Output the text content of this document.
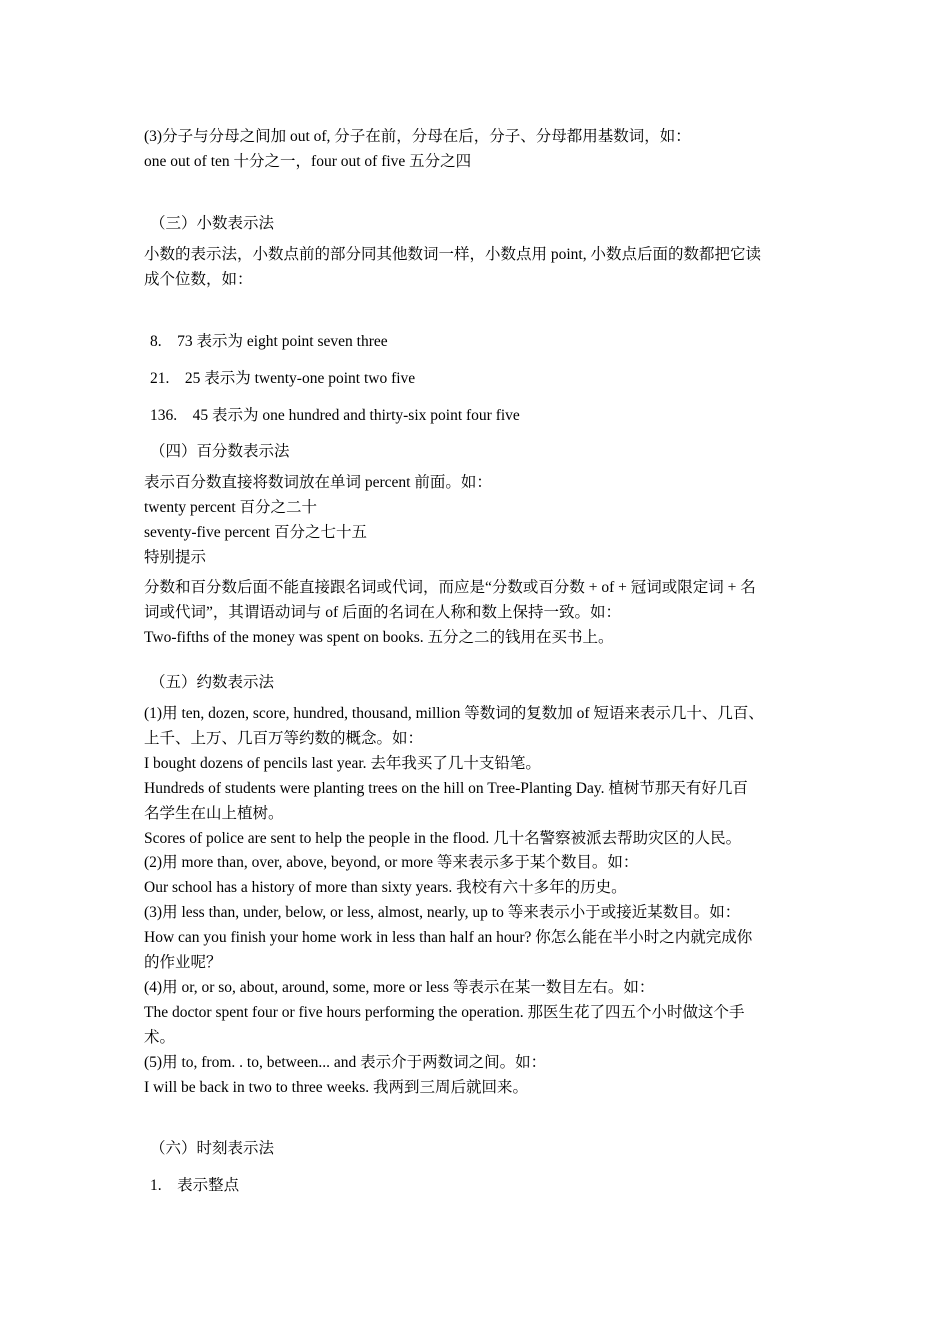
(3)分子与分母之间加 out of, 分子在前，分母在后，分子、分母都用基数词，如：
one out of ten 十分之一，four out of five 五分之四
（三）小数表示法
小数的表示法，小数点前的部分同其他数词一样，小数点用 point, 小数点后面的数都把它读
成个位数，如：
8.    73 表示为 eight point seven three
21.    25 表示为 twenty-one point two five
136.    45 表示为 one hundred and thirty-six point four five
（四）百分数表示法
表示百分数直接将数词放在单词 percent 前面。如：
twenty percent 百分之二十
seventy-five percent 百分之七十五
特别提示
分数和百分数后面不能直接跟名词或代词，而应是“分数或百分数 + of + 冠词或限定词 + 名
词或代词”，其谓语动词与 of 后面的名词在人称和数上保持一致。如：
Two-fifths of the money was spent on books. 五分之二的钱用在买书上。
（五）约数表示法
(1)用 ten, dozen, score, hundred, thousand, million 等数词的复数加 of 短语来表示几十、几百、
上千、上万、几百万等约数的概念。如：
I bought dozens of pencils last year. 去年我买了几十支铅笔。
Hundreds of students were planting trees on the hill on Tree-Planting Day. 植树节那天有好几百
名学生在山上植树。
Scores of police are sent to help the people in the flood. 几十名警察被派去帮助灾区的人民。
(2)用 more than, over, above, beyond, or more 等来表示多于某个数目。如：
Our school has a history of more than sixty years. 我校有六十多年的历史。
(3)用 less than, under, below, or less, almost, nearly, up to 等来表示小于或接近某数目。如：
How can you finish your home work in less than half an hour? 你怎么能在半小时之内就完成你
的作业呢？
(4)用 or, or so, about, around, some, more or less 等表示在某一数目左右。如：
The doctor spent four or five hours performing the operation. 那医生花了四五个小时做这个手
术。
(5)用 to, from. . to, between... and 表示介于两数词之间。如：
I will be back in two to three weeks. 我两到三周后就回来。
（六）时刻表示法
1.    表示整点
